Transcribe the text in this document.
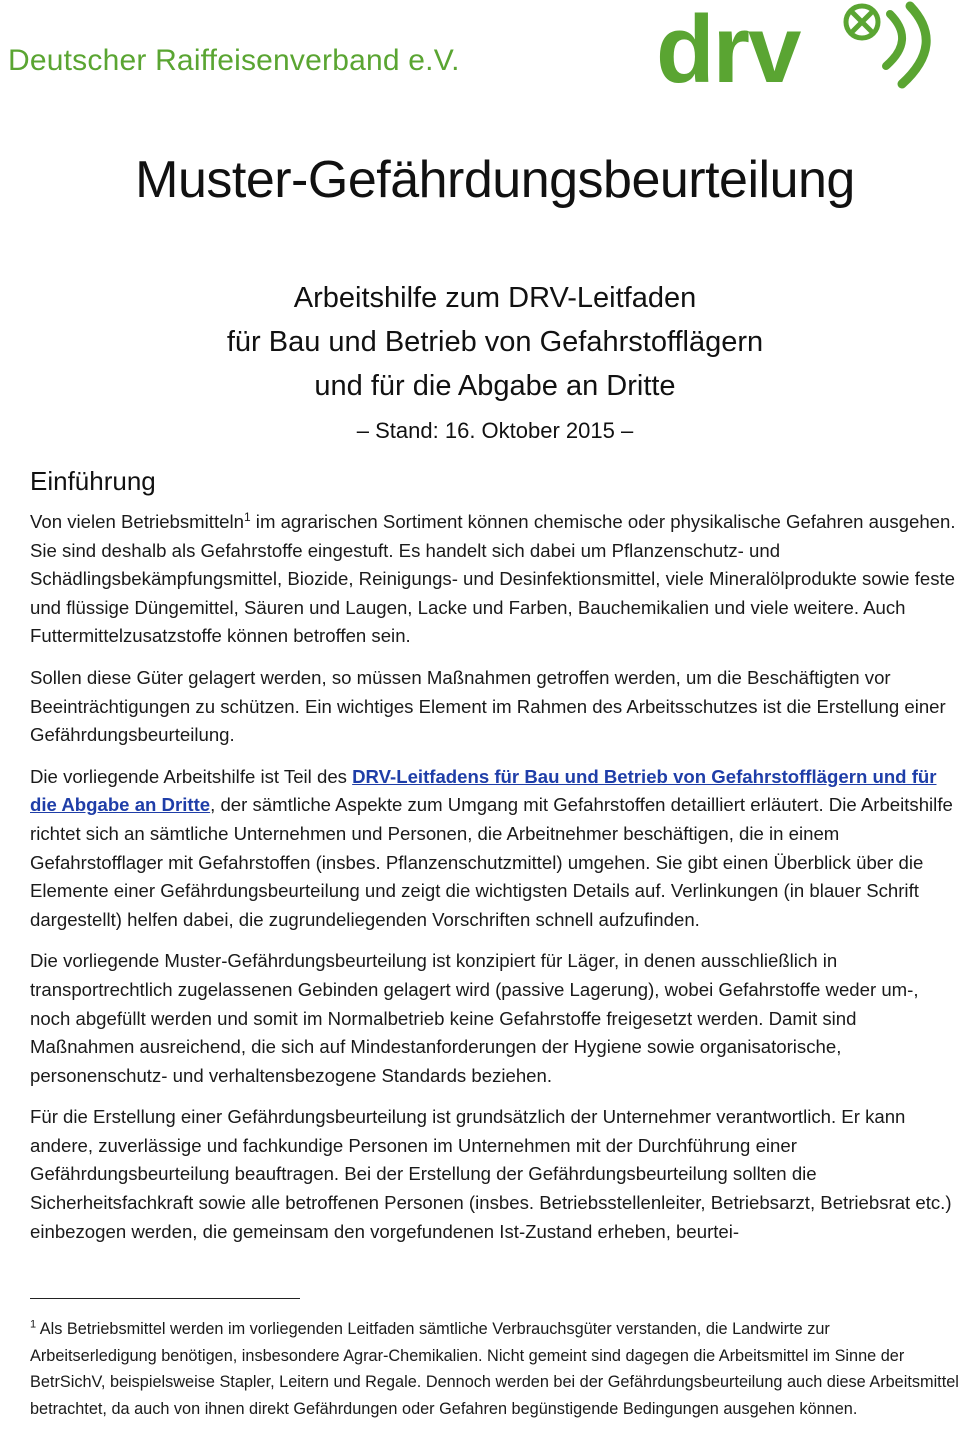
Deutscher Raiffeisenverband e.V. drv
Muster-Gefährdungsbeurteilung
Arbeitshilfe zum DRV-Leitfaden
für Bau und Betrieb von Gefahrstofflägern
und für die Abgabe an Dritte
– Stand: 16. Oktober 2015 –
Einführung

Von vielen Betriebsmitteln$^1$ im agrarischen Sortiment können chemische oder physikalische Gefahren ausgehen. Sie sind deshalb als Gefahrstoffe eingestuft. Es handelt sich dabei um Pflanzenschutz- und Schädlingsbekämpfungsmittel, Biozide, Reinigungs- und Desinfektionsmittel, viele Mineralölprodukte sowie feste und flüssige Düngemittel, Säuren und Laugen, Lacke und Farben, Bauchemikalien und viele weitere. Auch Futtermittelzusatzstoffe können betroffen sein.

Sollen diese Güter gelagert werden, so müssen Maßnahmen getroffen werden, um die Beschäftigten vor Beeinträchtigungen zu schützen. Ein wichtiges Element im Rahmen des Arbeitsschutzes ist die Erstellung einer Gefährdungsbeurteilung.

Die vorliegende Arbeitshilfe ist Teil des DRV-Leitfadens für Bau und Betrieb von Gefahrstofflägern und für die Abgabe an Dritte, der sämtliche Aspekte zum Umgang mit Gefahrstoffen detailliert erläutert. Die Arbeitshilfe richtet sich an sämtliche Unternehmen und Personen, die Arbeitnehmer beschäftigen, die in einem Gefahrstofflager mit Gefahrstoffen (insbes. Pflanzenschutzmittel) umgehen. Sie gibt einen Überblick über die Elemente einer Gefährdungsbeurteilung und zeigt die wichtigsten Details auf. Verlinkungen (in blauer Schrift dargestellt) helfen dabei, die zugrundeliegenden Vorschriften schnell aufzufinden.

Die vorliegende Muster-Gefährdungsbeurteilung ist konzipiert für Läger, in denen ausschließlich in transportrechtlich zugelassenen Gebinden gelagert wird (passive Lagerung), wobei Gefahrstoffe weder um-, noch abgefüllt werden und somit im Normalbetrieb keine Gefahrstoffe freigesetzt werden. Damit sind Maßnahmen ausreichend, die sich auf Mindestanforderungen der Hygiene sowie organisatorische, personenschutz- und verhaltensbezogene Standards beziehen.

Für die Erstellung einer Gefährdungsbeurteilung ist grundsätzlich der Unternehmer verantwortlich. Er kann andere, zuverlässige und fachkundige Personen im Unternehmen mit der Durchführung einer Gefährdungsbeurteilung beauftragen. Bei der Erstellung der Gefährdungsbeurteilung sollten die Sicherheitsfachkraft sowie alle betroffenen Personen (insbes. Betriebsstellenleiter, Betriebsarzt, Betriebsrat etc.) einbezogen werden, die gemeinsam den vorgefundenen Ist-Zustand erheben, beurtei-

$^1$ Als Betriebsmittel werden im vorliegenden Leitfaden sämtliche Verbrauchsgüter verstanden, die Landwirte zur Arbeitserledigung benötigen, insbesondere Agrar-Chemikalien. Nicht gemeint sind dagegen die Arbeitsmittel im Sinne der BetrSichV, beispielsweise Stapler, Leitern und Regale. Dennoch werden bei der Gefährdungsbeurteilung auch diese Arbeitsmittel betrachtet, da auch von ihnen direkt Gefährdungen oder Gefahren begünstigende Bedingungen ausgehen können.
